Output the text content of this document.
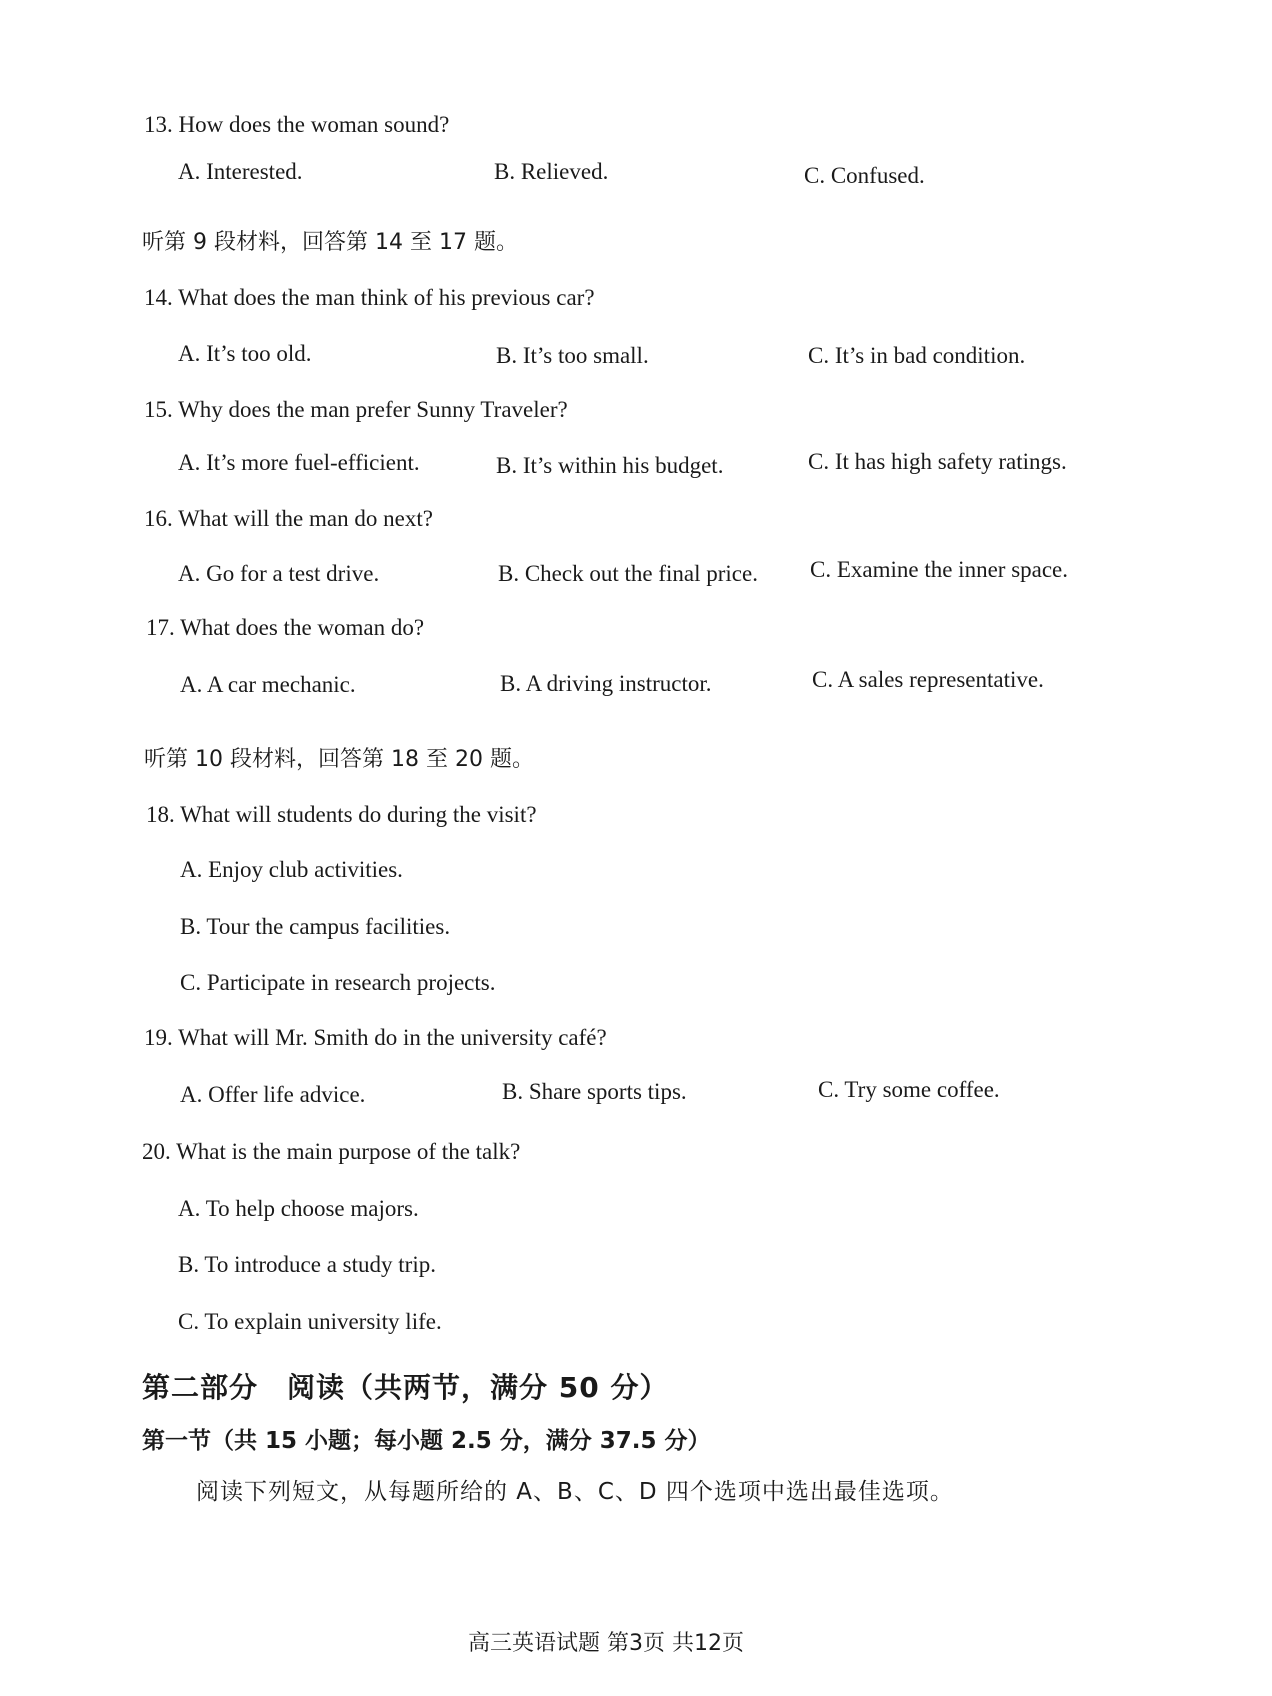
13. How does the woman sound?
A. Interested.	B. Relieved.	C. Confused.
听第 9 段材料，回答第 14 至 17 题。
14. What does the man think of his previous car?
A. It’s too old.	B. It’s too small.	C. It’s in bad condition.
15. Why does the man prefer Sunny Traveler?
A. It’s more fuel-efficient.	B. It’s within his budget.	C. It has high safety ratings.
16. What will the man do next?
A. Go for a test drive.	B. Check out the final price. C. Examine the inner space.
17. What does the woman do?
A. A car mechanic.	B. A driving instructor.	C. A sales representative.
听第 10 段材料，回答第 18 至 20 题。
18. What will students do during the visit?
A. Enjoy club activities.
B. Tour the campus facilities.
C. Participate in research projects.
19. What will Mr. Smith do in the university café?
A. Offer life advice.	B. Share sports tips.	C. Try some coffee.
20. What is the main purpose of the talk?
A. To help choose majors.
B. To introduce a study trip.
C. To explain university life.
第二部分　阅读（共两节，满分 50 分）
第一节（共 15 小题；每小题 2.5 分，满分 37.5 分）
阅读下列短文，从每题所给的 A、B、C、D 四个选项中选出最佳选项。
高三英语试题 第3页 共12页
